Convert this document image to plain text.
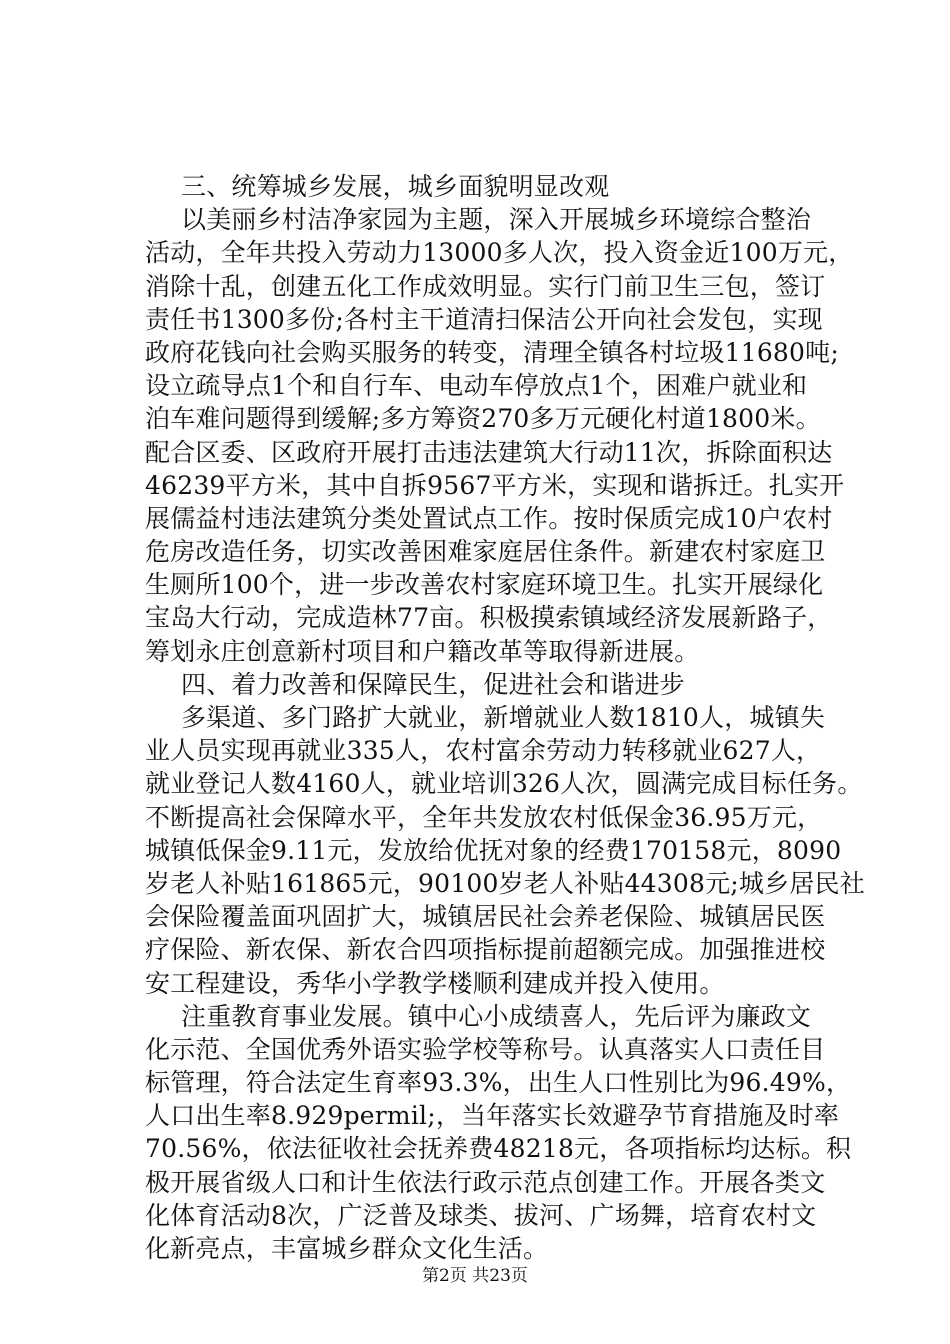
三、统筹城乡发展，城乡面貌明显改观
以美丽乡村洁净家园为主题，深入开展城乡环境综合整治
活动，全年共投入劳动力13000多人次，投入资金近100万元，
消除十乱，创建五化工作成效明显。实行门前卫生三包，签订
责任书1300多份;各村主干道清扫保洁公开向社会发包，实现
政府花钱向社会购买服务的转变，清理全镇各村垃圾11680吨;
设立疏导点1个和自行车、电动车停放点1个，困难户就业和
泊车难问题得到缓解;多方筹资270多万元硬化村道1800米。
配合区委、区政府开展打击违法建筑大行动11次，拆除面积达
46239平方米，其中自拆9567平方米，实现和谐拆迁。扎实开
展儒益村违法建筑分类处置试点工作。按时保质完成10户农村
危房改造任务，切实改善困难家庭居住条件。新建农村家庭卫
生厕所100个，进一步改善农村家庭环境卫生。扎实开展绿化
宝岛大行动，完成造林77亩。积极摸索镇域经济发展新路子，
筹划永庄创意新村项目和户籍改革等取得新进展。
四、着力改善和保障民生，促进社会和谐进步
多渠道、多门路扩大就业，新增就业人数1810人，城镇失
业人员实现再就业335人，农村富余劳动力转移就业627人，
就业登记人数4160人，就业培训326人次，圆满完成目标任务。
不断提高社会保障水平，全年共发放农村低保金36.95万元，
城镇低保金9.11元，发放给优抚对象的经费170158元，8090
岁老人补贴161865元，90100岁老人补贴44308元;城乡居民社
会保险覆盖面巩固扩大，城镇居民社会养老保险、城镇居民医
疗保险、新农保、新农合四项指标提前超额完成。加强推进校
安工程建设，秀华小学教学楼顺利建成并投入使用。
注重教育事业发展。镇中心小成绩喜人，先后评为廉政文
化示范、全国优秀外语实验学校等称号。认真落实人口责任目
标管理，符合法定生育率93.3%，出生人口性别比为96.49%，
人口出生率8.929permil;，当年落实长效避孕节育措施及时率
70.56%，依法征收社会抚养费48218元，各项指标均达标。积
极开展省级人口和计生依法行政示范点创建工作。开展各类文
化体育活动8次，广泛普及球类、拔河、广场舞，培育农村文
化新亮点，丰富城乡群众文化生活。
第2页 共23页
